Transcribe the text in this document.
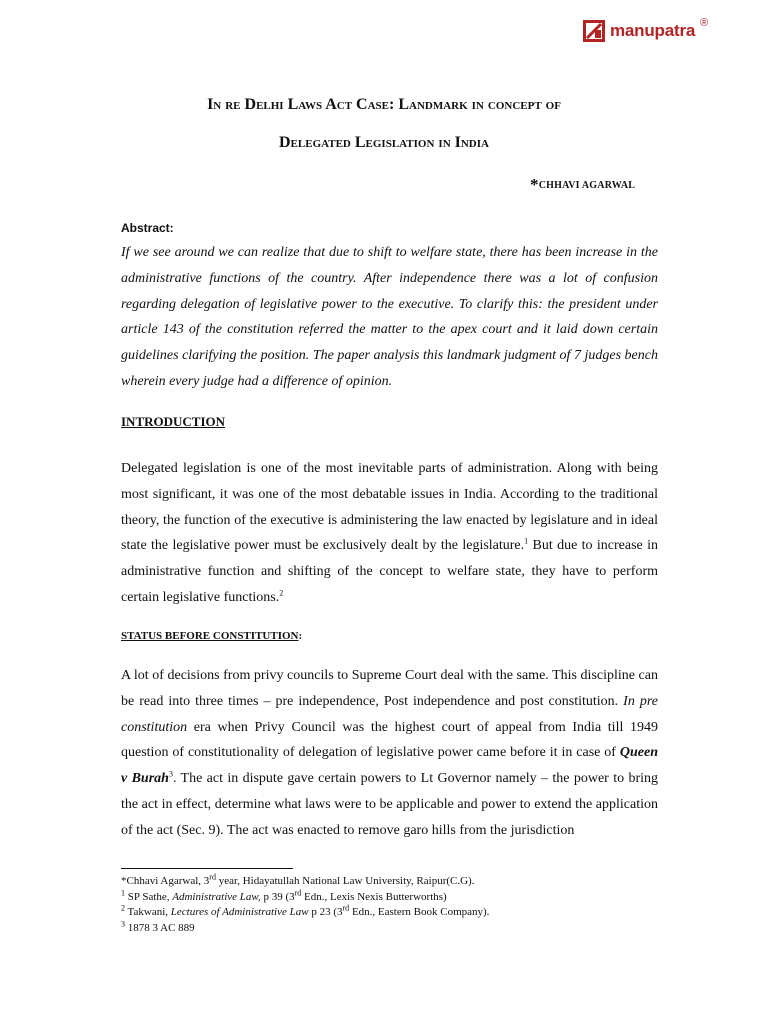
manupatra ®
In re Delhi Laws Act Case: Landmark in concept of
Delegated Legislation in India
*CHHAVI AGARWAL
Abstract:

If we see around we can realize that due to shift to welfare state, there has been increase in the administrative functions of the country. After independence there was a lot of confusion regarding delegation of legislative power to the executive. To clarify this: the president under article 143 of the constitution referred the matter to the apex court and it laid down certain guidelines clarifying the position. The paper analysis this landmark judgment of 7 judges bench wherein every judge had a difference of opinion.

INTRODUCTION

Delegated legislation is one of the most inevitable parts of administration. Along with being most significant, it was one of the most debatable issues in India. According to the traditional theory, the function of the executive is administering the law enacted by legislature and in ideal state the legislative power must be exclusively dealt by the legislature.$^1$ But due to increase in administrative function and shifting of the concept to welfare state, they have to perform certain legislative functions.$^2$

STATUS BEFORE CONSTITUTION:

A lot of decisions from privy councils to Supreme Court deal with the same. This discipline can be read into three times – pre independence, Post independence and post constitution. In pre constitution era when Privy Council was the highest court of appeal from India till 1949 question of constitutionality of delegation of legislative power came before it in case of Queen v Burah$^3$. The act in dispute gave certain powers to Lt Governor namely – the power to bring the act in effect, determine what laws were to be applicable and power to extend the application of the act (Sec. 9). The act was enacted to remove garo hills from the jurisdiction

*Chhavi Agarwal, 3rd year, Hidayatullah National Law University, Raipur(C.G).
$^1$ SP Sathe, Administrative Law, p 39 (3rd Edn., Lexis Nexis Butterworths)
$^2$ Takwani, Lectures of Administrative Law p 23 (3rd Edn., Eastern Book Company).
$^3$ 1878 3 AC 889
